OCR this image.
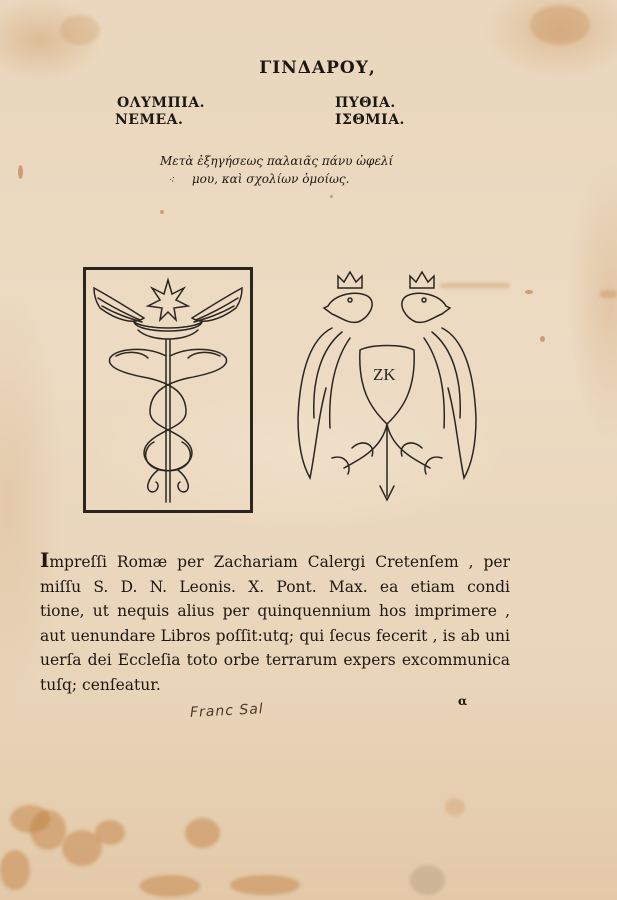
ΓΙΝΔΑΡΟΥ,
ΟΛΥΜΠΙΑ.
ΝΕΜΕΑ.
ΠΥΘΙΑ.
ΙΣΘΜΙΑ.
Μετὰ ἐξηγήσεως παλαιᾶς πάνυ ὠφελί
⁖ μου, καὶ σχολίων ὁμοίως.
ZK
Impreſſi Romæ per Zachariam Calergi Cretenſem , per
miſſu S. D. N. Leonis. X. Pont. Max. ea etiam condi
tione, ut nequis alius per quinquennium hos imprimere ,
aut uenundare Libros poſſit:utq; qui ſecus fecerit , is ab uni
uerſa dei Eccleſia toto orbe terrarum expers excommunica
tuſq; cenſeatur.
Franc Sal
α
